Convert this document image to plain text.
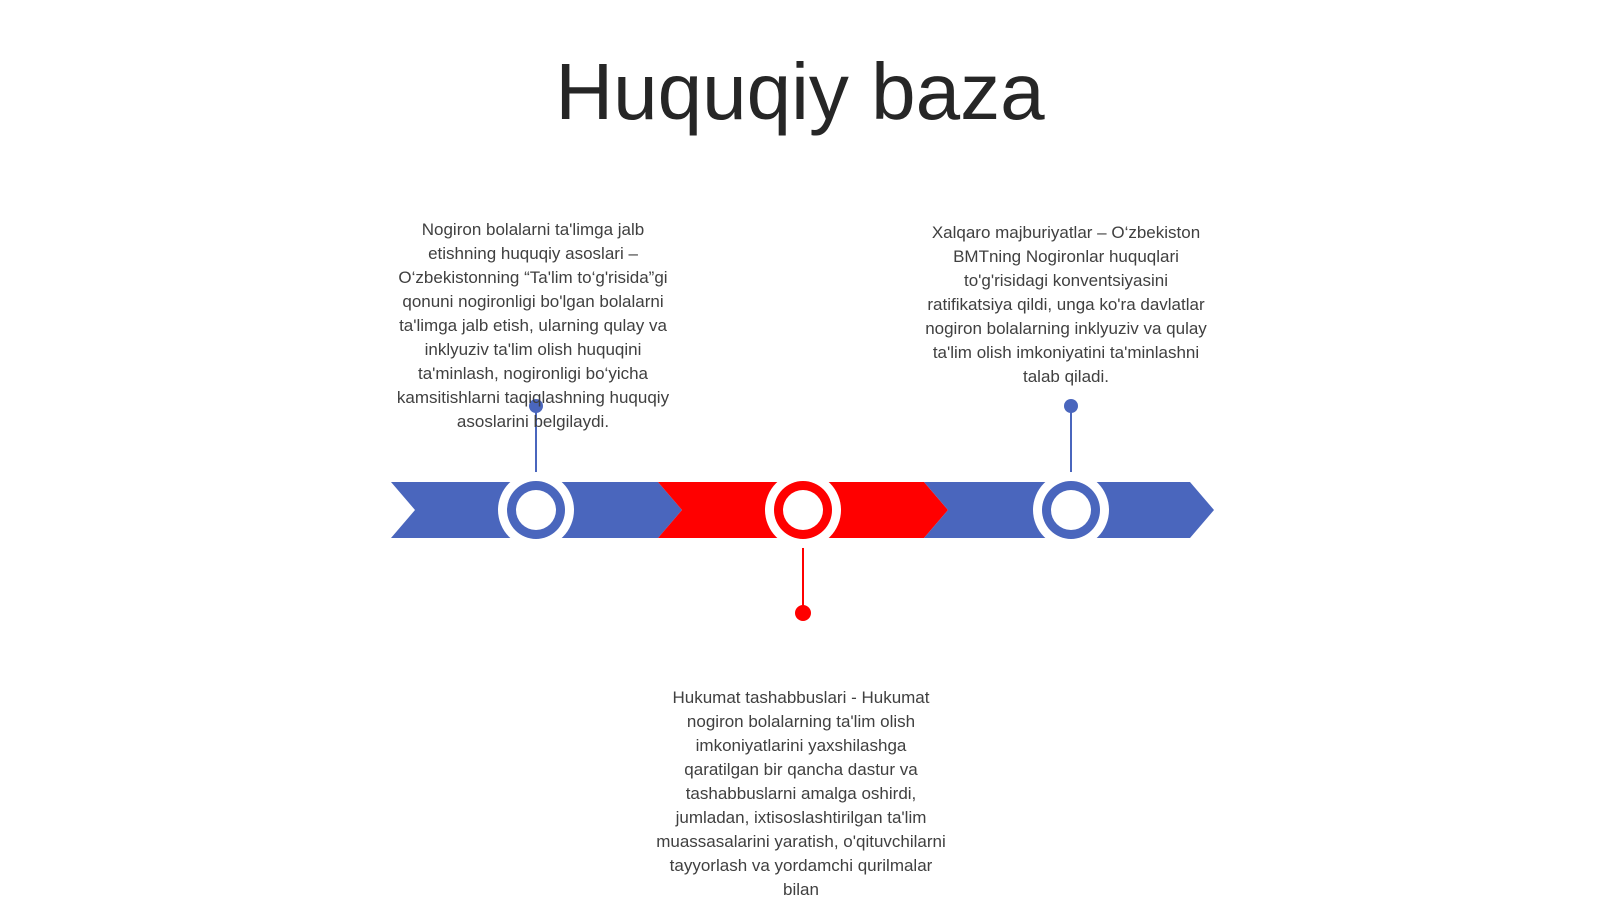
Huquqiy baza

Nogiron bolalarni ta'limga jalb etishning huquqiy asoslari – O‘zbekistonning “Ta'lim to‘g'risida”gi qonuni nogironligi bo'lgan bolalarni ta'limga jalb etish, ularning qulay va inklyuziv ta'lim olish huquqini ta'minlash, nogironligi bo‘yicha kamsitishlarni taqiqlashning huquqiy asoslarini belgilaydi.

Xalqaro majburiyatlar – O‘zbekiston BMTning Nogironlar huquqlari to'g'risidagi konventsiyasini ratifikatsiya qildi, unga ko'ra davlatlar nogiron bolalarning inklyuziv va qulay ta'lim olish imkoniyatini ta'minlashni talab qiladi.

Hukumat tashabbuslari - Hukumat nogiron bolalarning ta'lim olish imkoniyatlarini yaxshilashga qaratilgan bir qancha dastur va tashabbuslarni amalga oshirdi, jumladan, ixtisoslashtirilgan ta'lim muassasalarini yaratish, o'qituvchilarni tayyorlash va yordamchi qurilmalar bilan
